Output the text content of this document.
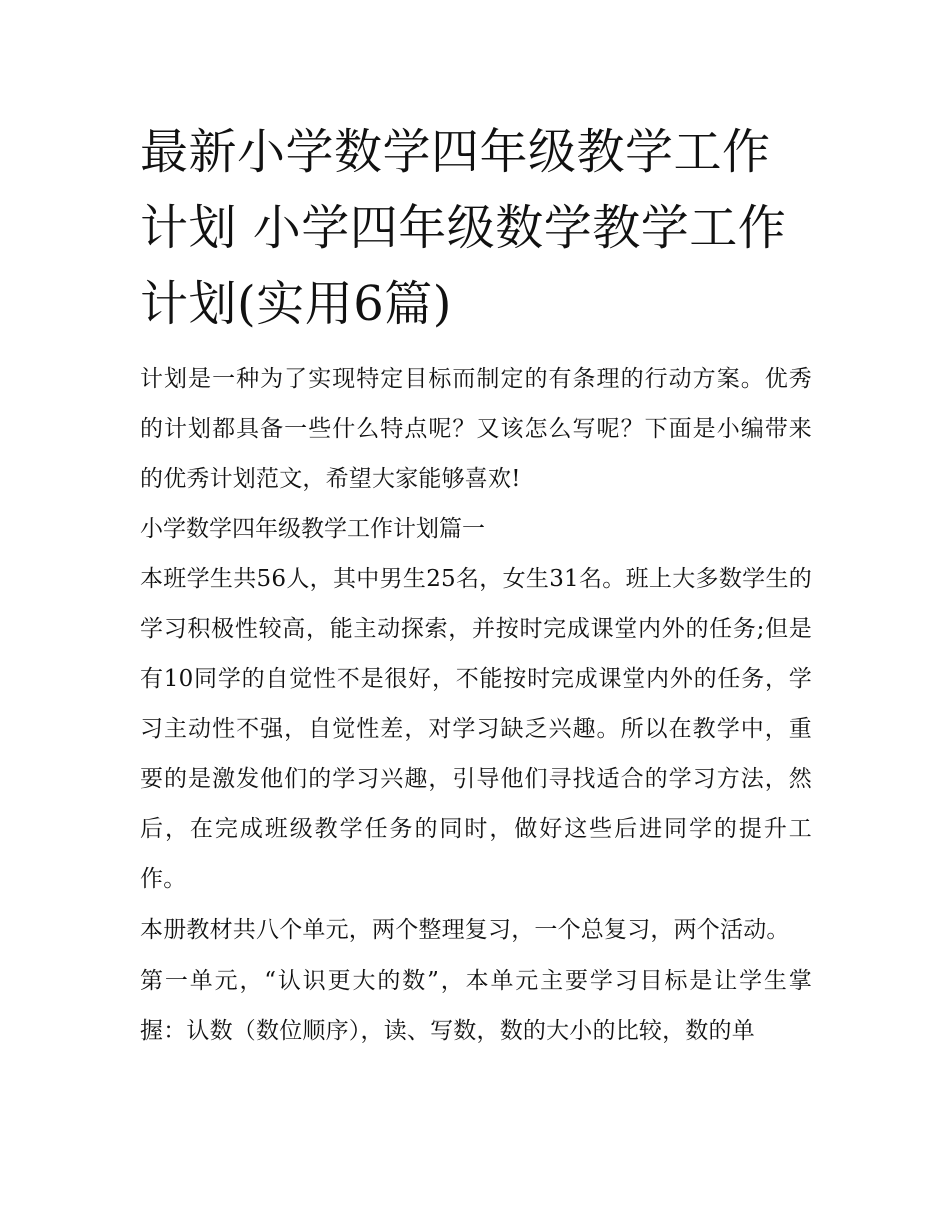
最新小学数学四年级教学工作计划 小学四年级数学教学工作计划(实用6篇)

计划是一种为了实现特定目标而制定的有条理的行动方案。优秀的计划都具备一些什么特点呢？又该怎么写呢？下面是小编带来的优秀计划范文，希望大家能够喜欢!

小学数学四年级教学工作计划篇一

本班学生共56人，其中男生25名，女生31名。班上大多数学生的学习积极性较高，能主动探索，并按时完成课堂内外的任务;但是有10同学的自觉性不是很好，不能按时完成课堂内外的任务，学习主动性不强，自觉性差，对学习缺乏兴趣。所以在教学中，重要的是激发他们的学习兴趣，引导他们寻找适合的学习方法，然后，在完成班级教学任务的同时，做好这些后进同学的提升工作。

本册教材共八个单元，两个整理复习，一个总复习，两个活动。

第一单元，“认识更大的数”，本单元主要学习目标是让学生掌握：认数（数位顺序），读、写数，数的大小的比较，数的单
